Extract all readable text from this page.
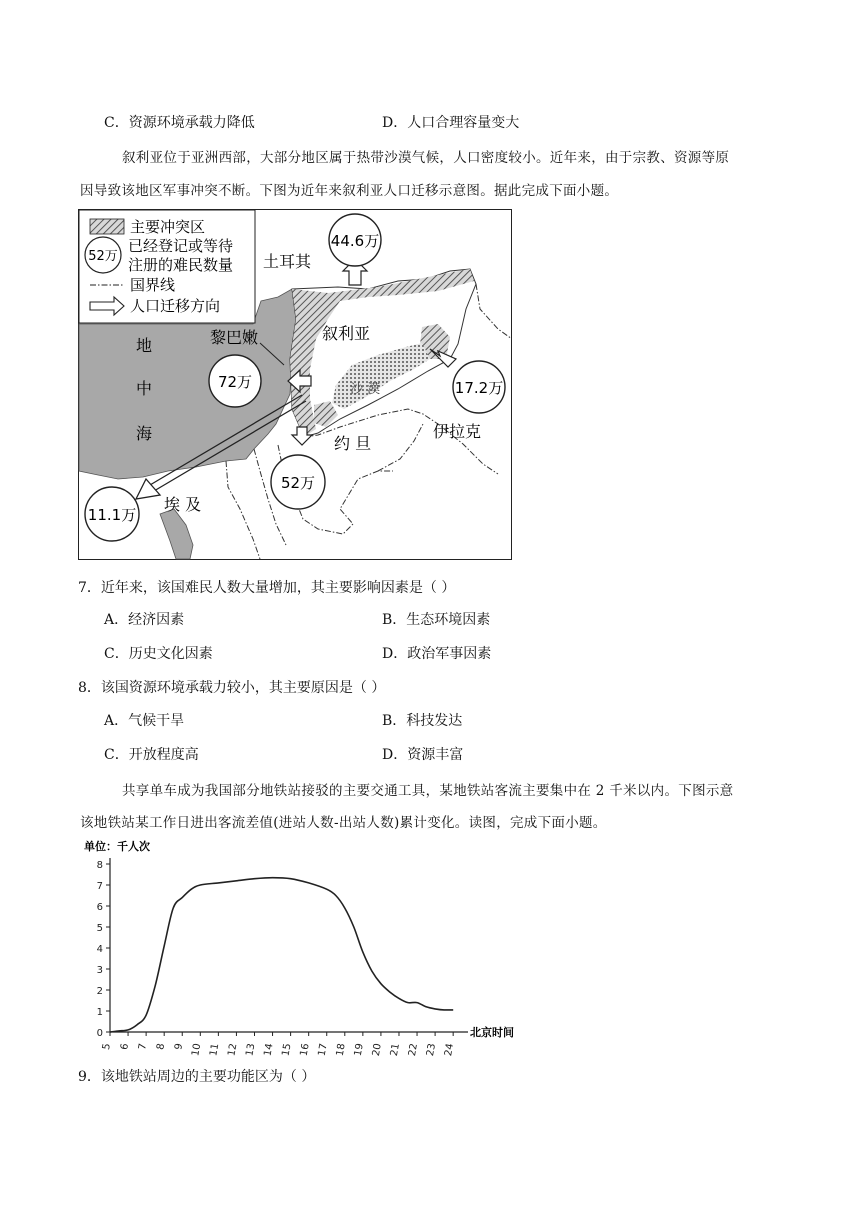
C．资源环境承载力降低	D．人口合理容量变大
叙利亚位于亚洲西部，大部分地区属于热带沙漠气候，人口密度较小。近年来，由于宗教、资源等原
因导致该地区军事冲突不断。下图为近年来叙利亚人口迁移示意图。据此完成下面小题。
44.6万
72万	17.2万
52万
11.1万
土耳其
叙利亚
沙 漠
黎巴嫩
地
中
海
约 旦
伊拉克
埃 及
主要冲突区
52万
已经登记或等待
注册的难民数量
国界线
人口迁移方向
7．近年来，该国难民人数大量增加，其主要影响因素是（ ）
A．经济因素	B．生态环境因素
C．历史文化因素	D．政治军事因素
8．该国资源环境承载力较小，其主要原因是（ ）
A．气候干旱	B．科技发达
C．开放程度高	D．资源丰富
共享单车成为我国部分地铁站接驳的主要交通工具，某地铁站客流主要集中在 2 千米以内。下图示意
该地铁站某工作日进出客流差值(进站人数-出站人数)累计变化。读图，完成下面小题。
单位：千人次
0
1
2
3
4
5
6
7
8
5 6 7 8 9 10 11 12 13 14 15 16 17 18 19 20 21 22 23 24
北京时间
9．该地铁站周边的主要功能区为（ ）
